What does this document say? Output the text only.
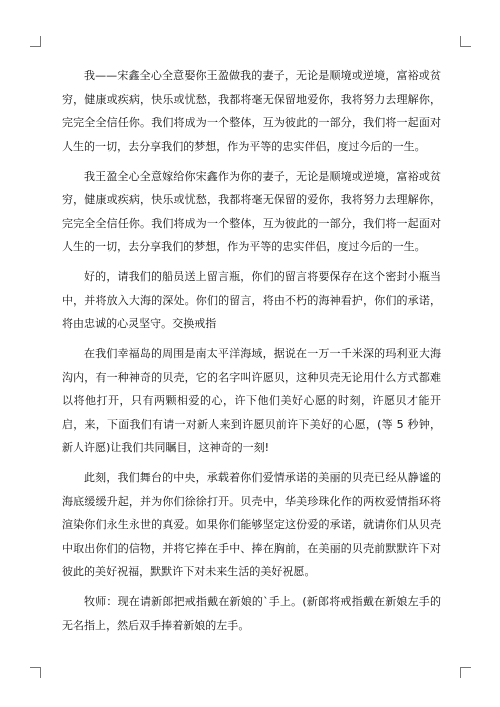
我——宋鑫全心全意娶你王盈做我的妻子，无论是顺境或逆境，富裕或贫穷，健康或疾病，快乐或忧愁，我都将毫无保留地爱你，我将努力去理解你，完完全全信任你。我们将成为一个整体，互为彼此的一部分，我们将一起面对人生的一切，去分享我们的梦想，作为平等的忠实伴侣，度过今后的一生。

我王盈全心全意嫁给你宋鑫作为你的妻子，无论是顺境或逆境，富裕或贫穷，健康或疾病，快乐或忧愁，我都将毫无保留的爱你，我将努力去理解你，完完全全信任你。我们将成为一个整体，互为彼此的一部分，我们将一起面对人生的一切，去分享我们的梦想，作为平等的忠实伴侣，度过今后的一生。

好的，请我们的船员送上留言瓶，你们的留言将要保存在这个密封小瓶当中，并将放入大海的深处。你们的留言，将由不朽的海神看护，你们的承诺，将由忠诚的心灵坚守。交换戒指

在我们幸福岛的周围是南太平洋海域，据说在一万一千米深的玛利亚大海沟内，有一种神奇的贝壳，它的名字叫许愿贝，这种贝壳无论用什么方式都难以将他打开，只有两颗相爱的心，许下他们美好心愿的时刻，许愿贝才能开启，来，下面我们有请一对新人来到许愿贝前许下美好的心愿，(等 5 秒钟，新人许愿)让我们共同瞩目，这神奇的一刻!

此刻，我们舞台的中央，承载着你们爱情承诺的美丽的贝壳已经从静谧的海底缓缓升起，并为你们徐徐打开。贝壳中，华美珍珠化作的两枚爱情指环将渲染你们永生永世的真爱。如果你们能够坚定这份爱的承诺，就请你们从贝壳中取出你们的信物，并将它捧在手中、捧在胸前，在美丽的贝壳前默默许下对彼此的美好祝福，默默许下对未来生活的美好祝愿。

牧师：现在请新郎把戒指戴在新娘的`手上。(新郎将戒指戴在新娘左手的无名指上，然后双手捧着新娘的左手。
